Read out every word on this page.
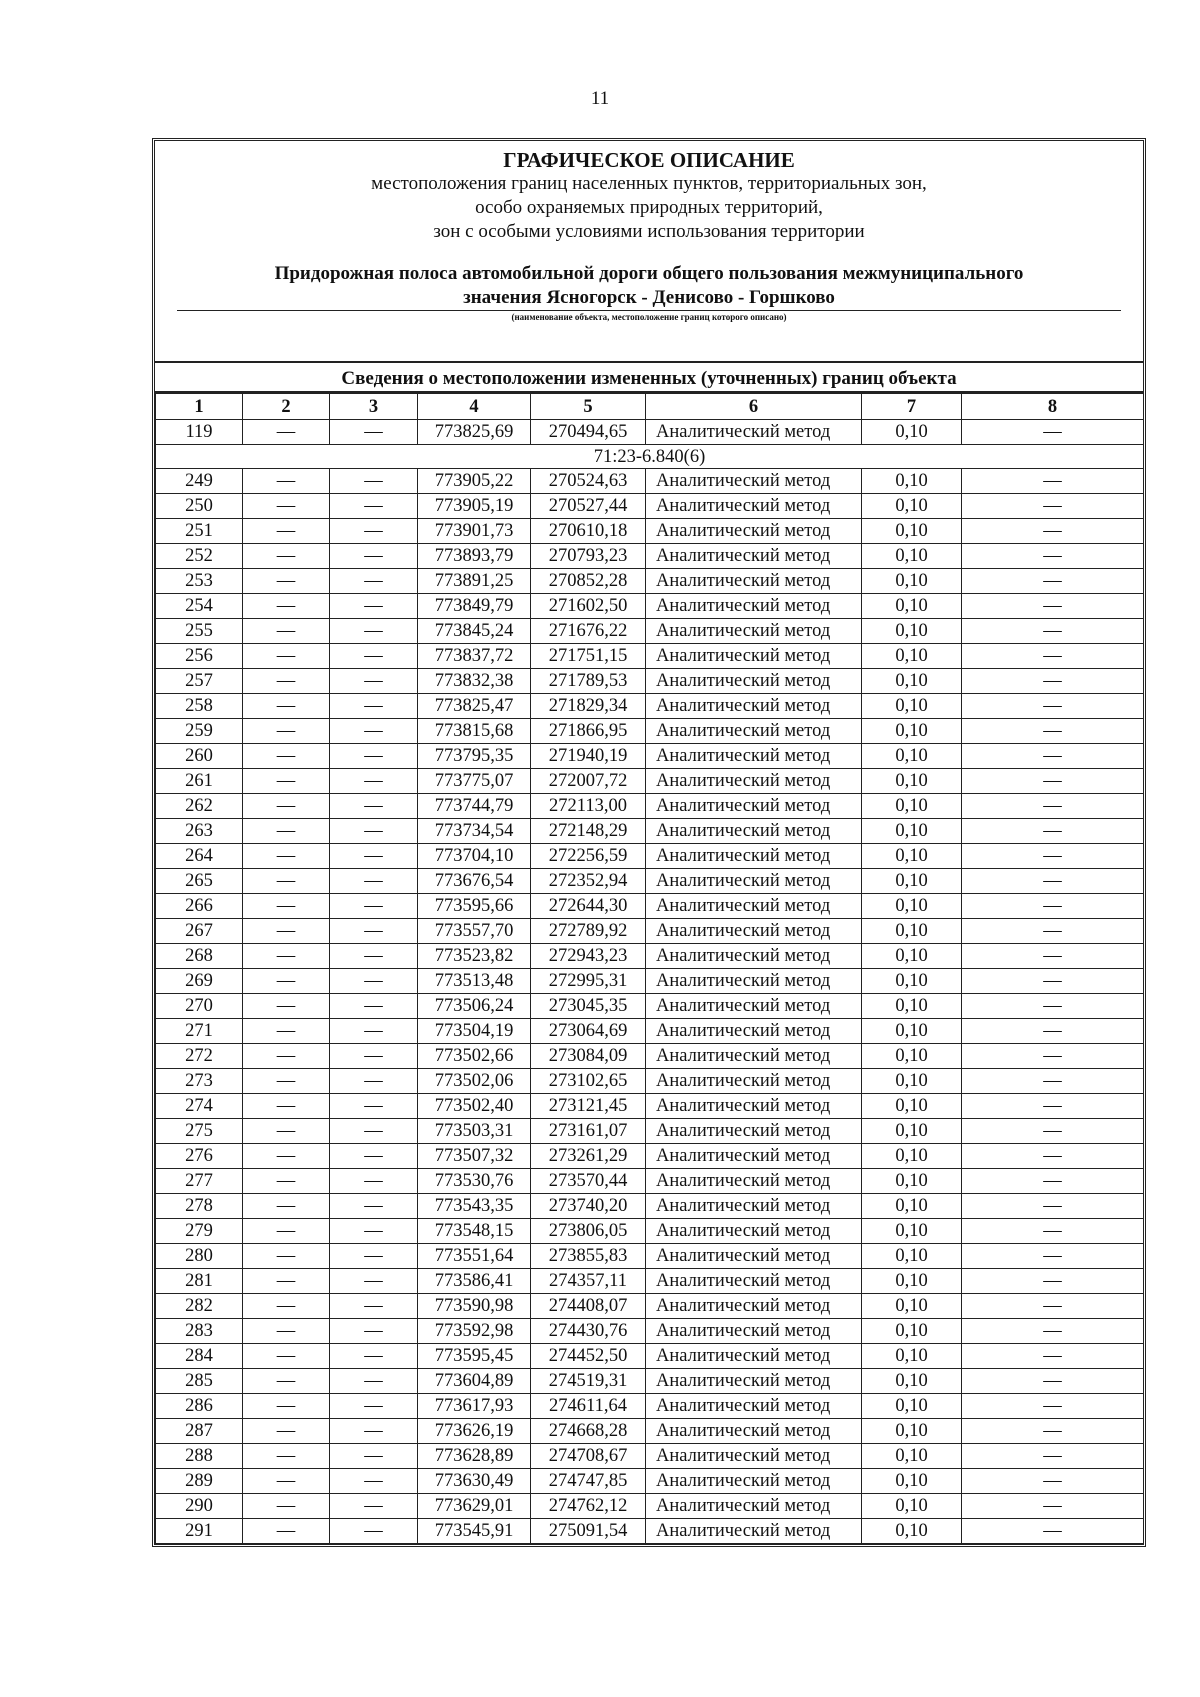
11
ГРАФИЧЕСКОЕ ОПИСАНИЕ
местоположения границ населенных пунктов, территориальных зон,
особо охраняемых природных территорий,
зон с особыми условиями использования территории
Придорожная полоса автомобильной дороги общего пользования межмуниципального
значения Ясногорск - Денисово - Горшково
(наименование объекта, местоположение границ которого описано)
Сведения о местоположении измененных (уточненных) границ объекта
1	2	3	4	5	6	7	8
119	—	—	773825,69	270494,65	Аналитический метод	0,10	—
71:23-6.840(6)							
249	—	—	773905,22	270524,63	Аналитический метод	0,10	—
250	—	—	773905,19	270527,44	Аналитический метод	0,10	—
251	—	—	773901,73	270610,18	Аналитический метод	0,10	—
252	—	—	773893,79	270793,23	Аналитический метод	0,10	—
253	—	—	773891,25	270852,28	Аналитический метод	0,10	—
254	—	—	773849,79	271602,50	Аналитический метод	0,10	—
255	—	—	773845,24	271676,22	Аналитический метод	0,10	—
256	—	—	773837,72	271751,15	Аналитический метод	0,10	—
257	—	—	773832,38	271789,53	Аналитический метод	0,10	—
258	—	—	773825,47	271829,34	Аналитический метод	0,10	—
259	—	—	773815,68	271866,95	Аналитический метод	0,10	—
260	—	—	773795,35	271940,19	Аналитический метод	0,10	—
261	—	—	773775,07	272007,72	Аналитический метод	0,10	—
262	—	—	773744,79	272113,00	Аналитический метод	0,10	—
263	—	—	773734,54	272148,29	Аналитический метод	0,10	—
264	—	—	773704,10	272256,59	Аналитический метод	0,10	—
265	—	—	773676,54	272352,94	Аналитический метод	0,10	—
266	—	—	773595,66	272644,30	Аналитический метод	0,10	—
267	—	—	773557,70	272789,92	Аналитический метод	0,10	—
268	—	—	773523,82	272943,23	Аналитический метод	0,10	—
269	—	—	773513,48	272995,31	Аналитический метод	0,10	—
270	—	—	773506,24	273045,35	Аналитический метод	0,10	—
271	—	—	773504,19	273064,69	Аналитический метод	0,10	—
272	—	—	773502,66	273084,09	Аналитический метод	0,10	—
273	—	—	773502,06	273102,65	Аналитический метод	0,10	—
274	—	—	773502,40	273121,45	Аналитический метод	0,10	—
275	—	—	773503,31	273161,07	Аналитический метод	0,10	—
276	—	—	773507,32	273261,29	Аналитический метод	0,10	—
277	—	—	773530,76	273570,44	Аналитический метод	0,10	—
278	—	—	773543,35	273740,20	Аналитический метод	0,10	—
279	—	—	773548,15	273806,05	Аналитический метод	0,10	—
280	—	—	773551,64	273855,83	Аналитический метод	0,10	—
281	—	—	773586,41	274357,11	Аналитический метод	0,10	—
282	—	—	773590,98	274408,07	Аналитический метод	0,10	—
283	—	—	773592,98	274430,76	Аналитический метод	0,10	—
284	—	—	773595,45	274452,50	Аналитический метод	0,10	—
285	—	—	773604,89	274519,31	Аналитический метод	0,10	—
286	—	—	773617,93	274611,64	Аналитический метод	0,10	—
287	—	—	773626,19	274668,28	Аналитический метод	0,10	—
288	—	—	773628,89	274708,67	Аналитический метод	0,10	—
289	—	—	773630,49	274747,85	Аналитический метод	0,10	—
290	—	—	773629,01	274762,12	Аналитический метод	0,10	—
291	—	—	773545,91	275091,54	Аналитический метод	0,10	—
